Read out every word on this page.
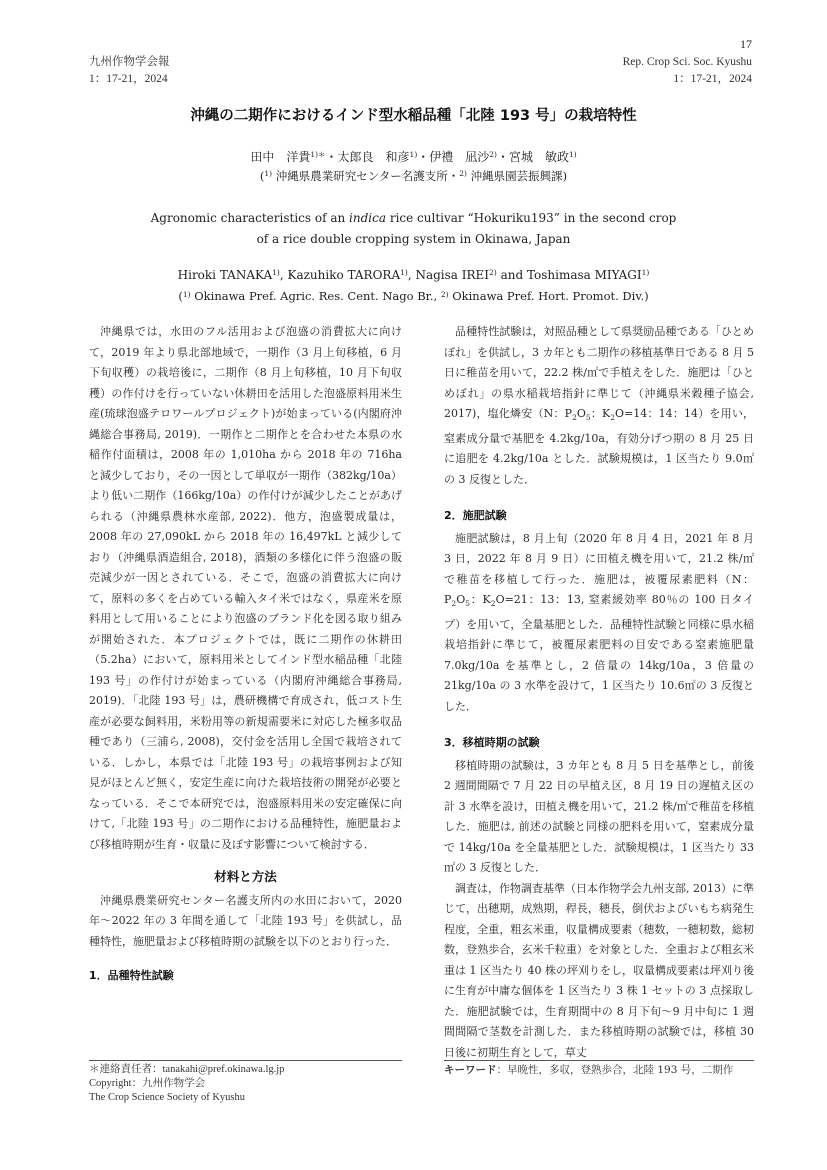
17
九州作物学会報
1：17-21，2024
Rep. Crop Sci. Soc. Kyushu
1：17-21，2024
沖縄の二期作におけるインド型水稲品種「北陸 193 号」の栽培特性
田中　洋貴$^{1)*}$・太郎良　和彦$^{1)}$・伊禮　凪沙$^{2)}$・宮城　敏政$^{1)}$
($^{1)}$ 沖縄県農業研究センター名護支所・$^{2)}$ 沖縄県園芸振興課)
Agronomic characteristics of an indica rice cultivar “Hokuriku193” in the second crop
of a rice double cropping system in Okinawa, Japan
Hiroki TANAKA$^{1)}$, Kazuhiko TARORA$^{1)}$, Nagisa IREI$^{2)}$ and Toshimasa MIYAGI$^{1)}$
($^{1)}$ Okinawa Pref. Agric. Res. Cent. Nago Br., $^{2)}$ Okinawa Pref. Hort. Promot. Div.)

沖縄県では，水田のフル活用および泡盛の消費拡大に向けて，2019 年より県北部地域で，一期作（3 月上旬移植，6 月下旬収穫）の栽培後に，二期作（8 月上旬移植，10 月下旬収穫）の作付けを行っていない休耕田を活用した泡盛原料用米生産(琉球泡盛テロワールプロジェクト)が始まっている(内閣府沖縄総合事務局, 2019)．一期作と二期作とを合わせた本県の水稲作付面積は，2008 年の 1,010ha から 2018 年の 716ha と減少しており，その一因として単収が一期作（382kg/10a）より低い二期作（166kg/10a）の作付けが減少したことがあげられる（沖縄県農林水産部, 2022)．他方，泡盛製成量は，2008 年の 27,090kL から 2018 年の 16,497kL と減少しており（沖縄県酒造組合, 2018)，酒類の多様化に伴う泡盛の販売減少が一因とされている．そこで，泡盛の消費拡大に向けて，原料の多くを占めている輸入タイ米ではなく，県産米を原料用として用いることにより泡盛のブランド化を図る取り組みが開始された．本プロジェクトでは，既に二期作の休耕田（5.2ha）において，原料用米としてインド型水稲品種「北陸 193 号」の作付けが始まっている（内閣府沖縄総合事務局, 2019)．「北陸 193 号」は，農研機構で育成され，低コスト生産が必要な飼料用，米粉用等の新規需要米に対応した極多収品種であり（三浦ら, 2008)，交付金を活用し全国で栽培されている．しかし，本県では「北陸 193 号」の栽培事例および知見がほとんど無く，安定生産に向けた栽培技術の開発が必要となっている．そこで本研究では，泡盛原料用米の安定確保に向けて,「北陸 193 号」の二期作における品種特性，施肥量および移植時期が生育・収量に及ぼす影響について検討する．

材料と方法

沖縄県農業研究センター名護支所内の水田において，2020 年〜2022 年の 3 年間を通して「北陸 193 号」を供試し，品種特性，施肥量および移植時期の試験を以下のとおり行った．

1．品種特性試験

品種特性試験は，対照品種として県奨励品種である「ひとめぼれ」を供試し，3 カ年とも二期作の移植基準日である 8 月 5 日に稚苗を用いて，22.2 株/㎡で手植えをした．施肥は「ひとめぼれ」の県水稲栽培指針に準じて（沖縄県米穀種子協会, 2017)，塩化燐安（N：$P_2O_5$：$K_2O=14$：14：14）を用い，窒素成分量で基肥を 4.2kg/10a，有効分げつ期の 8 月 25 日に追肥を 4.2kg/10a とした．試験規模は，1 区当たり 9.0㎡の 3 反復とした．

2．施肥試験

施肥試験は，8 月上旬（2020 年 8 月 4 日，2021 年 8 月 3 日，2022 年 8 月 9 日）に田植え機を用いて，21.2 株/㎡で稚苗を移植して行った．施肥は，被覆尿素肥料（N：$P_2O_5$：$K_2O=21$：13：13, 窒素緩効率 80％の 100 日タイプ）を用いて，全量基肥とした．品種特性試験と同様に県水稲栽培指針に準じて，被覆尿素肥料の目安である窒素施肥量 7.0kg/10a を基準とし，2 倍量の 14kg/10a，3 倍量の 21kg/10a の 3 水準を設けて，1 区当たり 10.6㎡の 3 反復とした．

3．移植時期の試験

移植時期の試験は，3 カ年とも 8 月 5 日を基準とし，前後 2 週間間隔で 7 月 22 日の早植え区，8 月 19 日の遅植え区の計 3 水準を設け，田植え機を用いて，21.2 株/㎡で稚苗を移植した．施肥は, 前述の試験と同様の肥料を用いて，窒素成分量で 14kg/10a を全量基肥とした．試験規模は，1 区当たり 33㎡の 3 反復とした．

調査は，作物調査基準（日本作物学会九州支部, 2013）に準じて，出穂期，成熟期，稈長，穂長，倒伏およびいもち病発生程度，全重，粗玄米重，収量構成要素（穂数，一穂籾数，総籾数，登熟歩合，玄米千粒重）を対象とした．全重および粗玄米重は 1 区当たり 40 株の坪刈りをし，収量構成要素は坪刈り後に生育が中庸な個体を 1 区当たり 3 株 1 セットの 3 点採取した．施肥試験では，生育期間中の 8 月下旬〜9 月中旬に 1 週間間隔で茎数を計測した．また移植時期の試験では，移植 30 日後に初期生育として，草丈

＊連絡責任者：tanakahi@pref.okinawa.lg.jp
Copyright：九州作物学会
The Crop Science Society of Kyushu
キーワード：早晩性，多収，登熟歩合，北陸 193 号，二期作
